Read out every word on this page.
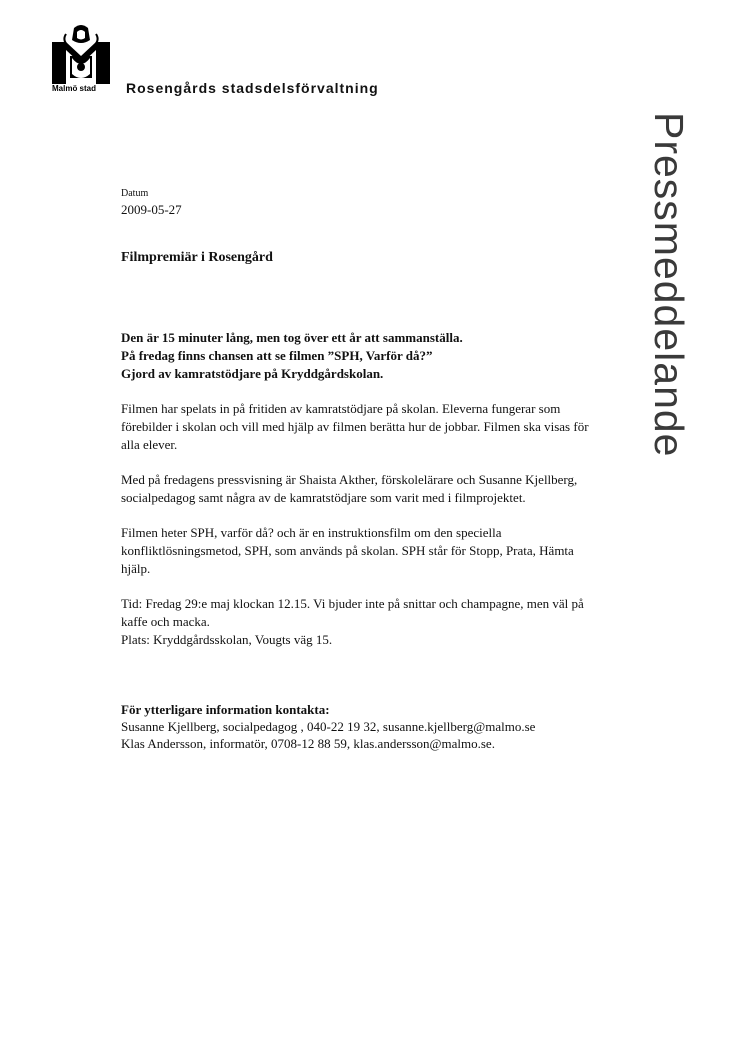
Malmö stad	Rosengårds stadsdelsförvaltning
Pressmeddelande

Datum

2009-05-27

Filmpremiär i Rosengård

Den är 15 minuter lång, men tog över ett år att sammanställa.

På fredag finns chansen att se filmen ”SPH, Varför då?”

Gjord av kamratstödjare på Kryddgårdskolan.

Filmen har spelats in på fritiden av kamratstödjare på skolan. Eleverna fungerar som förebilder i skolan och vill med hjälp av filmen berätta hur de jobbar. Filmen ska visas för alla elever.

Med på fredagens pressvisning är Shaista Akther, förskolelärare och Susanne Kjellberg, socialpedagog samt några av de kamratstödjare som varit med i filmprojektet.

Filmen heter SPH, varför då? och är en instruktionsfilm om den speciella konfliktlösningsmetod, SPH, som används på skolan. SPH står för Stopp, Prata, Hämta hjälp.

Tid: Fredag 29:e maj klockan 12.15. Vi bjuder inte på snittar och champagne, men väl på kaffe och macka.
Plats: Kryddgårdsskolan, Vougts väg 15.

För ytterligare information kontakta:

Susanne Kjellberg, socialpedagog , 040-22 19 32, susanne.kjellberg@malmo.se

Klas Andersson, informatör, 0708-12 88 59, klas.andersson@malmo.se.
